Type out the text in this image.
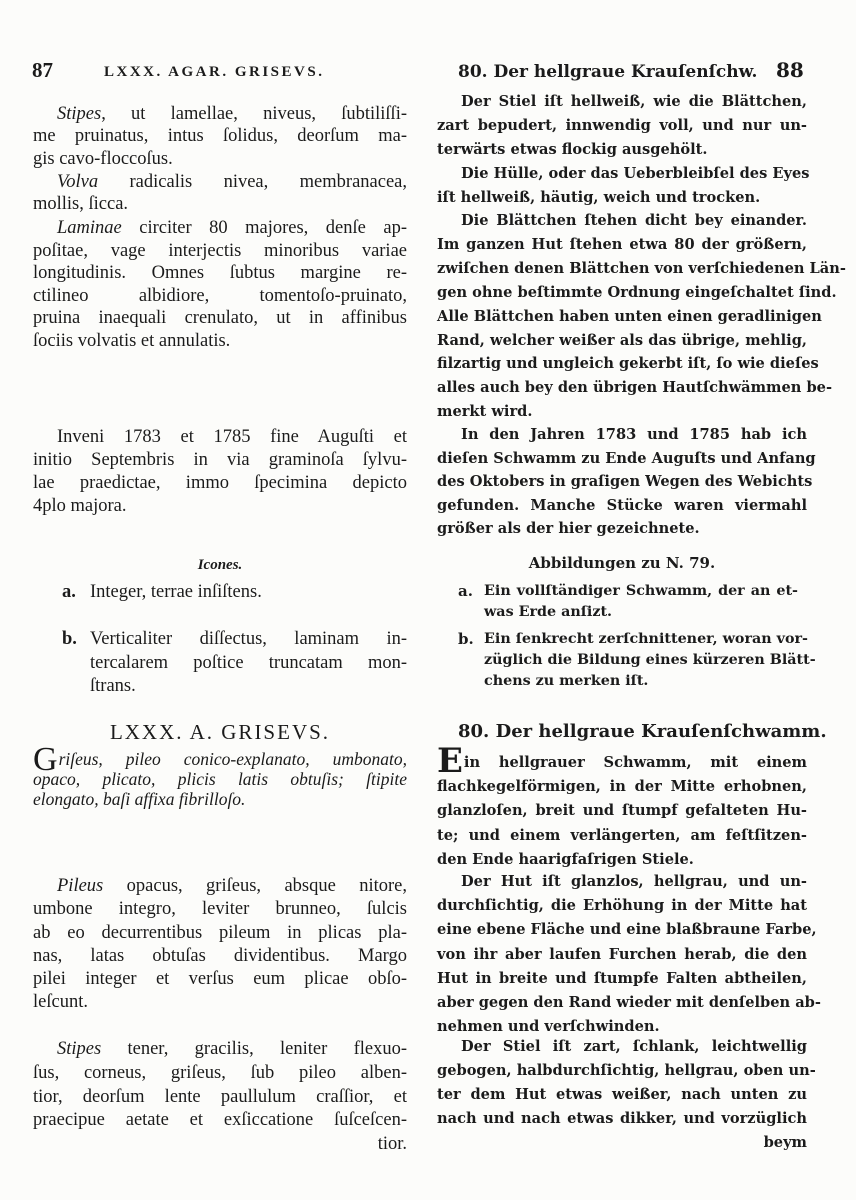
87	LXXX. AGAR. GRISEVS.
Stipes, ut lamellae, niveus, ſubtiliſſi-
me pruinatus, intus ſolidus, deorſum ma-
gis cavo-floccoſus.
Volva radicalis nivea, membranacea,
mollis, ſicca.
Laminae circiter 80 majores, denſe ap-
poſitae, vage interjectis minoribus variae
longitudinis. Omnes ſubtus margine re-
ctilineo albidiore, tomentoſo-pruinato,
pruina inaequali crenulato, ut in affinibus
ſociis volvatis et annulatis.
Inveni 1783 et 1785 fine Auguſti et
initio Septembris in via graminoſa ſylvu-
lae praedictae, immo ſpecimina depicto
4plo majora.
Icones.
a. Integer, terrae inſiſtens.
b. Verticaliter diſſectus, laminam in-
tercalarem poſtice truncatam mon-
ſtrans.
LXXX. A. GRISEVS.
Griſeus, pileo conico-explanato, umbonato,
opaco, plicato, plicis latis obtuſis; ſtipite
elongato, baſi affixa fibrilloſo.
Pileus opacus, griſeus, absque nitore,
umbone integro, leviter brunneo, ſulcis
ab eo decurrentibus pileum in plicas pla-
nas, latas obtuſas dividentibus. Margo
pilei integer et verſus eum plicae obſo-
leſcunt.
Stipes tener, gracilis, leniter flexuo-
ſus, corneus, griſeus, ſub pileo alben-
tior, deorſum lente paullulum craſſior, et
praecipue aetate et exſiccatione ſuſceſcen-
tior.
80. Der hellgraue Krauſenſchw. 88
Der Stiel iſt hellweiß, wie die Blättchen,
zart bepudert, innwendig voll, und nur un-
terwärts etwas flockig ausgehölt.
Die Hülle, oder das Ueberbleibſel des Eyes
iſt hellweiß, häutig, weich und trocken.
Die Blättchen ſtehen dicht bey einander.
Im ganzen Hut ſtehen etwa 80 der größern,
zwiſchen denen Blättchen von verſchiedenen Län-
gen ohne beſtimmte Ordnung eingeſchaltet ſind.
Alle Blättchen haben unten einen geradlinigen
Rand, welcher weißer als das übrige, mehlig,
filzartig und ungleich gekerbt iſt, ſo wie dieſes
alles auch bey den übrigen Hautſchwämmen be-
merkt wird.
In den Jahren 1783 und 1785 hab ich
dieſen Schwamm zu Ende Auguſts und Anfang
des Oktobers in graſigen Wegen des Webichts
gefunden. Manche Stücke waren viermahl
größer als der hier gezeichnete.
Abbildungen zu N. 79.
a. Ein vollſtändiger Schwamm, der an et-
was Erde anſizt.
b. Ein ſenkrecht zerſchnittener, woran vor-
züglich die Bildung eines kürzeren Blätt-
chens zu merken iſt.
80. Der hellgraue Krauſenſchwamm.
Ein hellgrauer Schwamm, mit einem
flachkegelförmigen, in der Mitte erhobnen,
glanzloſen, breit und ſtumpf gefalteten Hu-
te; und einem verlängerten, am feſtſitzen-
den Ende haarigfaſrigen Stiele.
Der Hut iſt glanzlos, hellgrau, und un-
durchſichtig, die Erhöhung in der Mitte hat
eine ebene Fläche und eine blaßbraune Farbe,
von ihr aber laufen Furchen herab, die den
Hut in breite und ſtumpfe Falten abtheilen,
aber gegen den Rand wieder mit denſelben ab-
nehmen und verſchwinden.
Der Stiel iſt zart, ſchlank, leichtwellig
gebogen, halbdurchſichtig, hellgrau, oben un-
ter dem Hut etwas weißer, nach unten zu
nach und nach etwas dikker, und vorzüglich
beym
